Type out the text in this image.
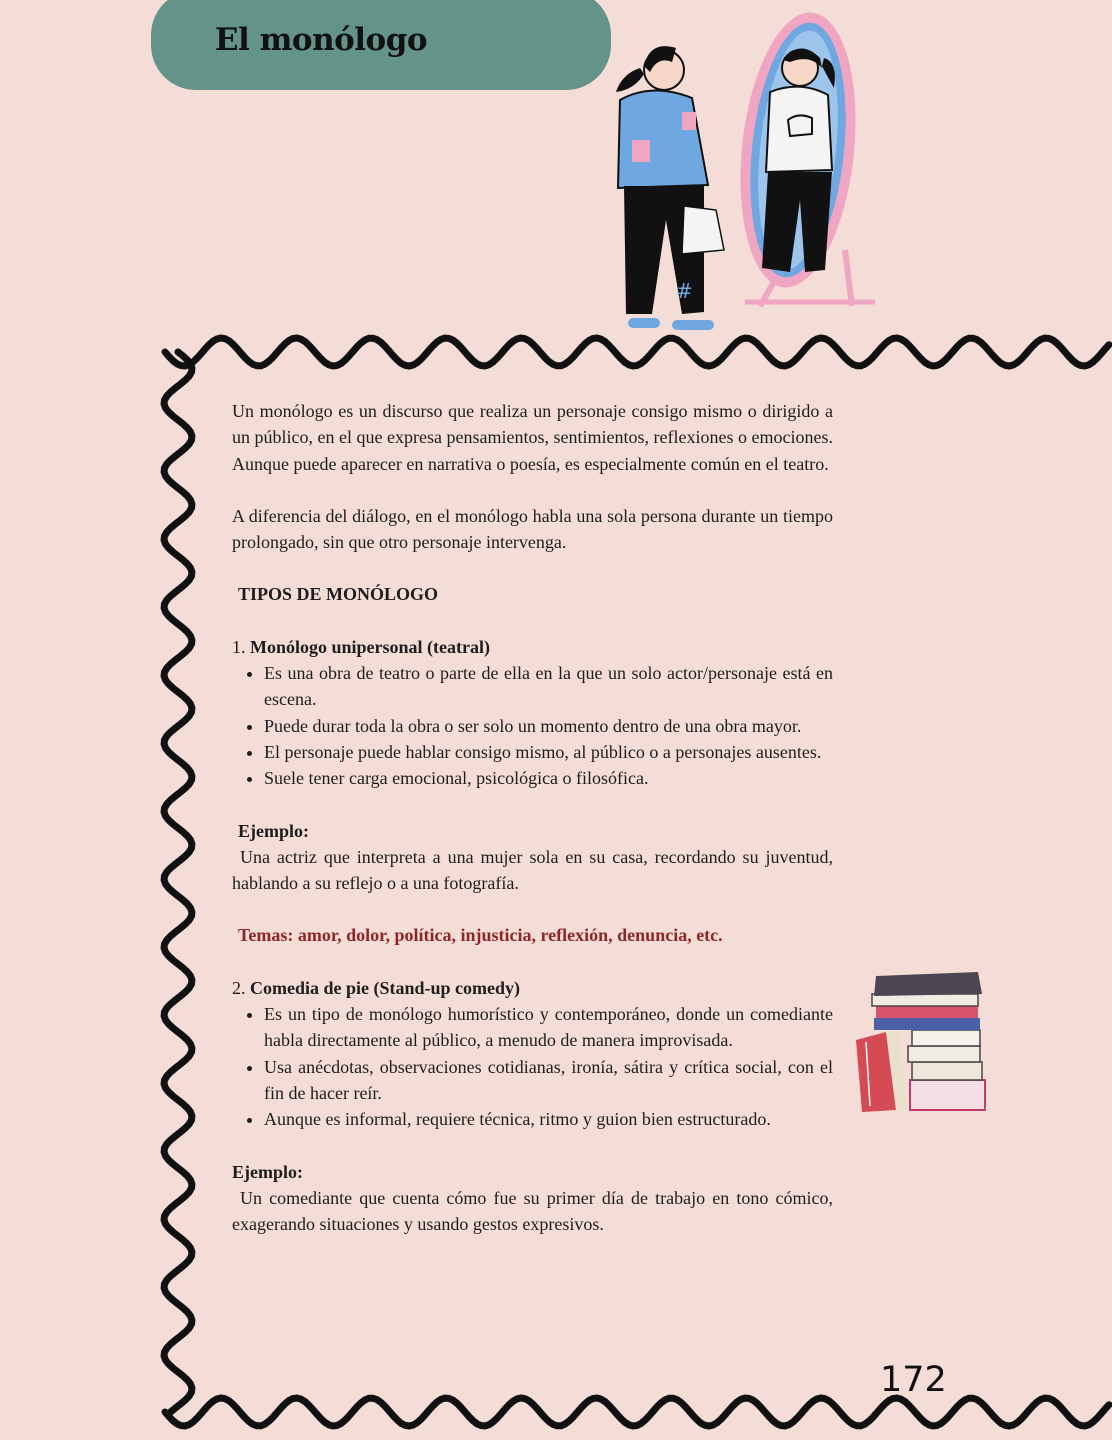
El monólogo
#

Un monólogo es un discurso que realiza un personaje consigo mismo o dirigido a un público, en el que expresa pensamientos, sentimientos, reflexiones o emociones. Aunque puede aparecer en narrativa o poesía, es especialmente común en el teatro.

A diferencia del diálogo, en el monólogo habla una sola persona durante un tiempo prolongado, sin que otro personaje intervenga.

TIPOS DE MONÓLOGO

1. Monólogo unipersonal (teatral)

• Es una obra de teatro o parte de ella en la que un solo actor/personaje está en escena.
• Puede durar toda la obra o ser solo un momento dentro de una obra mayor.
• El personaje puede hablar consigo mismo, al público o a personajes ausentes.
• Suele tener carga emocional, psicológica o filosófica.

Ejemplo:

Una actriz que interpreta a una mujer sola en su casa, recordando su juventud, hablando a su reflejo o a una fotografía.

Temas: amor, dolor, política, injusticia, reflexión, denuncia, etc.

2. Comedia de pie (Stand-up comedy)

• Es un tipo de monólogo humorístico y contemporáneo, donde un comediante habla directamente al público, a menudo de manera improvisada.
• Usa anécdotas, observaciones cotidianas, ironía, sátira y crítica social, con el fin de hacer reír.
• Aunque es informal, requiere técnica, ritmo y guion bien estructurado.

Ejemplo:

Un comediante que cuenta cómo fue su primer día de trabajo en tono cómico, exagerando situaciones y usando gestos expresivos.

172
